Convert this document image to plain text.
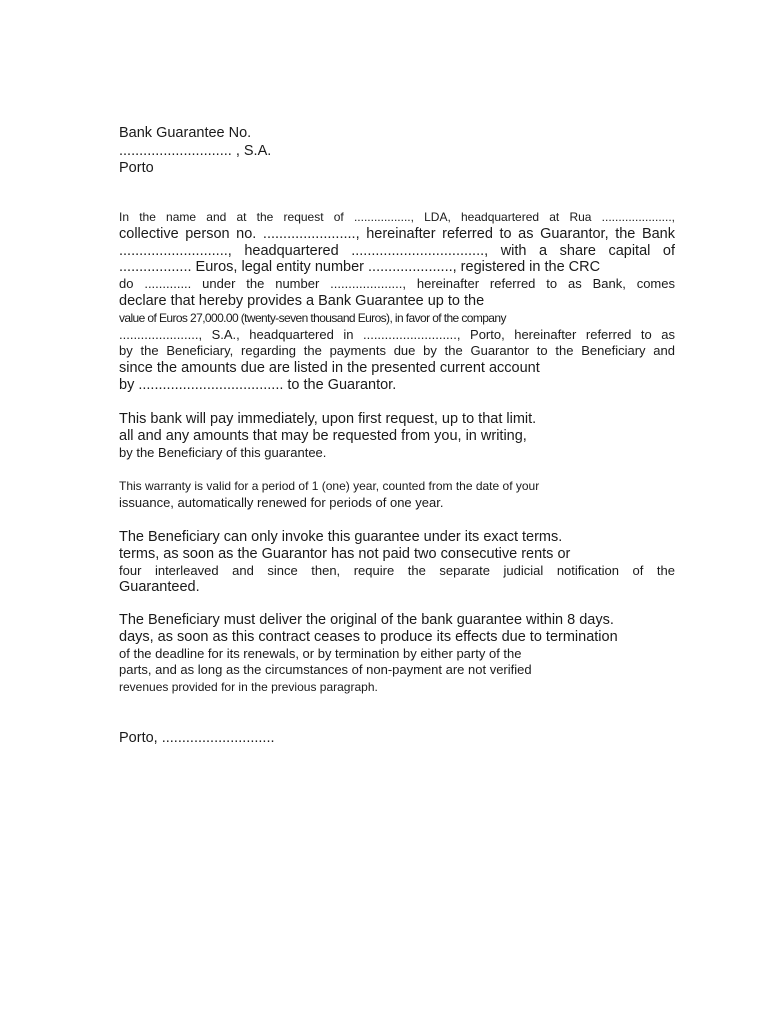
Bank Guarantee No.
............................ , S.A.
Porto
In the name and at the request of ................., LDA, headquartered at Rua .....................,
collective person no. ......................., hereinafter referred to as Guarantor, the Bank
..........................., headquartered ................................., with a share capital of
.................. Euros, legal entity number ....................., registered in the CRC
do ............. under the number ...................., hereinafter referred to as Bank, comes
declare that hereby provides a Bank Guarantee up to the
value of Euros 27,000.00 (twenty-seven thousand Euros), in favor of the company
......................, S.A., headquartered in .........................., Porto, hereinafter referred to as
by the Beneficiary, regarding the payments due by the Guarantor to the Beneficiary and
since the amounts due are listed in the presented current account
by .................................... to the Guarantor.
This bank will pay immediately, upon first request, up to that limit.
all and any amounts that may be requested from you, in writing,
by the Beneficiary of this guarantee.
This warranty is valid for a period of 1 (one) year, counted from the date of your
issuance, automatically renewed for periods of one year.
The Beneficiary can only invoke this guarantee under its exact terms.
terms, as soon as the Guarantor has not paid two consecutive rents or
four interleaved and since then, require the separate judicial notification of the
Guaranteed.
The Beneficiary must deliver the original of the bank guarantee within 8 days.
days, as soon as this contract ceases to produce its effects due to termination
of the deadline for its renewals, or by termination by either party of the
parts, and as long as the circumstances of non-payment are not verified
revenues provided for in the previous paragraph.
Porto, ............................
